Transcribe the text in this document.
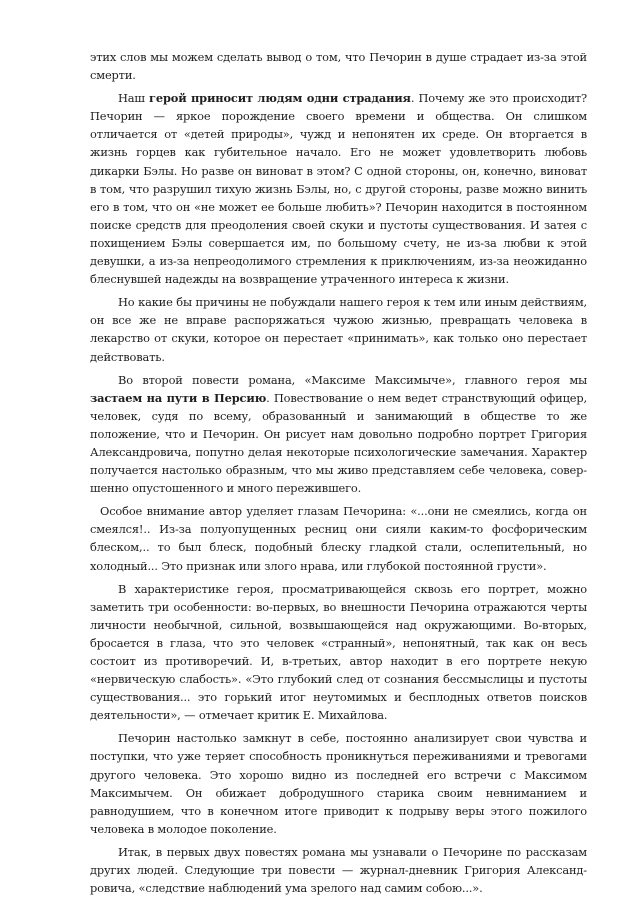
этих слов мы можем сделать вывод о том, что Печорин в душе страдает из-за этой смерти.

Наш герой приносит людям одни страдания. Почему же это происходит? Печорин — яркое порождение своего времени и общества. Он слишком отличается от «детей природы», чужд и непонятен их среде. Он вторгается в жизнь горцев как губительное начало. Его не может удовлетворить любовь дикарки Бэлы. Но разве он виноват в этом? С одной стороны, он, конечно, виноват в том, что разрушил тихую жизнь Бэлы, но, с другой стороны, разве можно винить его в том, что он «не может ее больше любить»? Печорин находится в постоянном поиске средств для преодоления своей скуки и пустоты существования. И затея с похищением Бэлы совершается им, по большому счету, не из-за любви к этой девушки, а из-за непреодолимого стремления к приключениям, из-за неожиданно блеснувшей надежды на возвращение утраченного интереса к жизни.

Но какие бы причины не побуждали нашего героя к тем или иным действиям, он все же не вправе распоряжаться чужою жизнью, превращать человека в лекарство от скуки, которое он перестает «принимать», как только оно перестает действовать.

Во второй повести романа, «Максиме Максимыче», главного героя мы застаем на пути в Персию. Повествование о нем ведет странствующий офицер, человек, судя по всему, образованный и занимающий в обществе то же положение, что и Печорин. Он рисует нам довольно подробно портрет Григория Александровича, попутно делая некоторые психологические замечания. Характер получается настолько образным, что мы живо представляем себе человека, совер-шенно опустошенного и много пережившего.

Особое внимание автор уделяет глазам Печорина: «...они не смеялись, когда он смеялся!.. Из-за полуопущенных ресниц они сияли каким-то фосфорическим блеском,.. то был блеск, подобный блеску гладкой стали, ослепительный, но холодный... Это признак или злого нрава, или глубокой постоянной грусти».

В характеристике героя, просматривающейся сквозь его портрет, можно заметить три особенности: во-первых, во внешности Печорина отражаются черты личности необычной, сильной, возвышающейся над окружающими. Во-вторых, бросается в глаза, что это человек «странный», непонятный, так как он весь состоит из противоречий. И, в-третьих, автор находит в его портрете некую «нервическую слабость». «Это глубокий след от сознания бессмыслицы и пустоты существования... это горький итог неутомимых и бесплодных ответов поисков деятельности», — отмечает критик Е. Михайлова.

Печорин настолько замкнут в себе, постоянно анализирует свои чувства и поступки, что уже теряет способность проникнуться переживаниями и тревогами другого человека. Это хорошо видно из последней его встречи с Максимом Максимычем. Он обижает добродушного старика своим невниманием и равнодушием, что в конечном итоге приводит к подрыву веры этого пожилого человека в молодое поколение.

Итак, в первых двух повестях романа мы узнавали о Печорине по рассказам других людей. Следующие три повести — журнал-дневник Григория Александ-ровича, «следствие наблюдений ума зрелого над самим собою...».
